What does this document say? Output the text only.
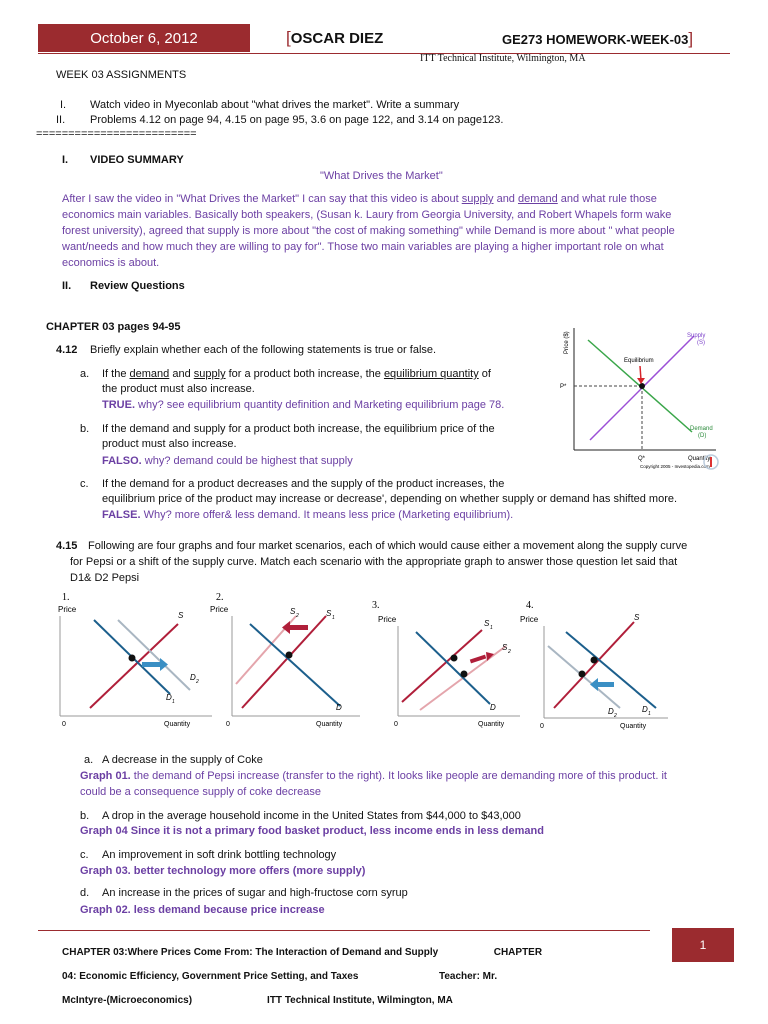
October 6, 2012	[OSCAR DIEZ	GE273 HOMEWORK-WEEK-03]
ITT Technical Institute, Wilmington, MA
WEEK 03 ASSIGNMENTS
I. Watch video in Myeconlab about "what drives the market". Write a summary
II. Problems 4.12 on page 94, 4.15 on page 95, 3.6 on page 122, and 3.14 on page123.
=========================
I. VIDEO SUMMARY
"What Drives the Market"
After I saw the video in "What Drives the Market" I can say that this video is about supply and demand and what rule those
economics main variables. Basically both speakers, (Susan k. Laury from Georgia University, and Robert Whapels form wake
forest university), agreed that supply is more about "the cost of making something" while Demand is more about " what people
want/needs and how much they are willing to pay for". Those two main variables are playing a higher important role on what
economics is about.
II. Review Questions
CHAPTER 03 pages 94-95
4.12 Briefly explain whether each of the following statements is true or false.
a. If the demand and supply for a product both increase, the equilibrium quantity of
the product must also increase.
TRUE. why? see equilibrium quantity definition and Marketing equilibrium page 78.
b. If the demand and supply for a product both increase, the equilibrium price of the
product must also increase.
FALSO. why? demand could be highest that supply
c. If the demand for a product decreases and the supply of the product increases, the
equilibrium price of the product may increase or decrease', depending on whether supply or demand has shifted more.
FALSE. Why? more offer& less demand. It means less price (Marketing equilibrium).
Price ($)
Equilibrium
Supply
(S)
P*
Q*
Demand
(D)
Quantity
Copyright 2005 - Investopedia.com
4.15 Following are four graphs and four market scenarios, each of which would cause either a movement along the supply curve
for Pepsi or a shift of the supply curve. Match each scenario with the appropriate graph to answer those question let said that
D1& D2 Pepsi
1.
Price
0	Quantity
S
D 1
D 2
2.
Price
0	Quantity
S 2	S 1
D
3.
Price
0	Quantity
S 1
S 2
D
4.
Price
0	Quantity
S
D 2
D 1
a. A decrease in the supply of Coke
Graph 01. the demand of Pepsi increase (transfer to the right). It looks like people are demanding more of this product. it
could be a consequence supply of coke decrease
b. A drop in the average household income in the United States from $44,000 to $43,000
Graph 04 Since it is not a primary food basket product, less income ends in less demand
c. An improvement in soft drink bottling technology
Graph 03. better technology more offers (more supply)
d. An increase in the prices of sugar and high-fructose corn syrup
Graph 02. less demand because price increase

CHAPTER 03:Where Prices Come From: The Interaction of Demand and Supply                    CHAPTER

04: Economic Efficiency, Government Price Setting, and Taxes                             Teacher: Mr.

McIntyre-(Microeconomics)                           ITT Technical Institute, Wilmington, MA

1
